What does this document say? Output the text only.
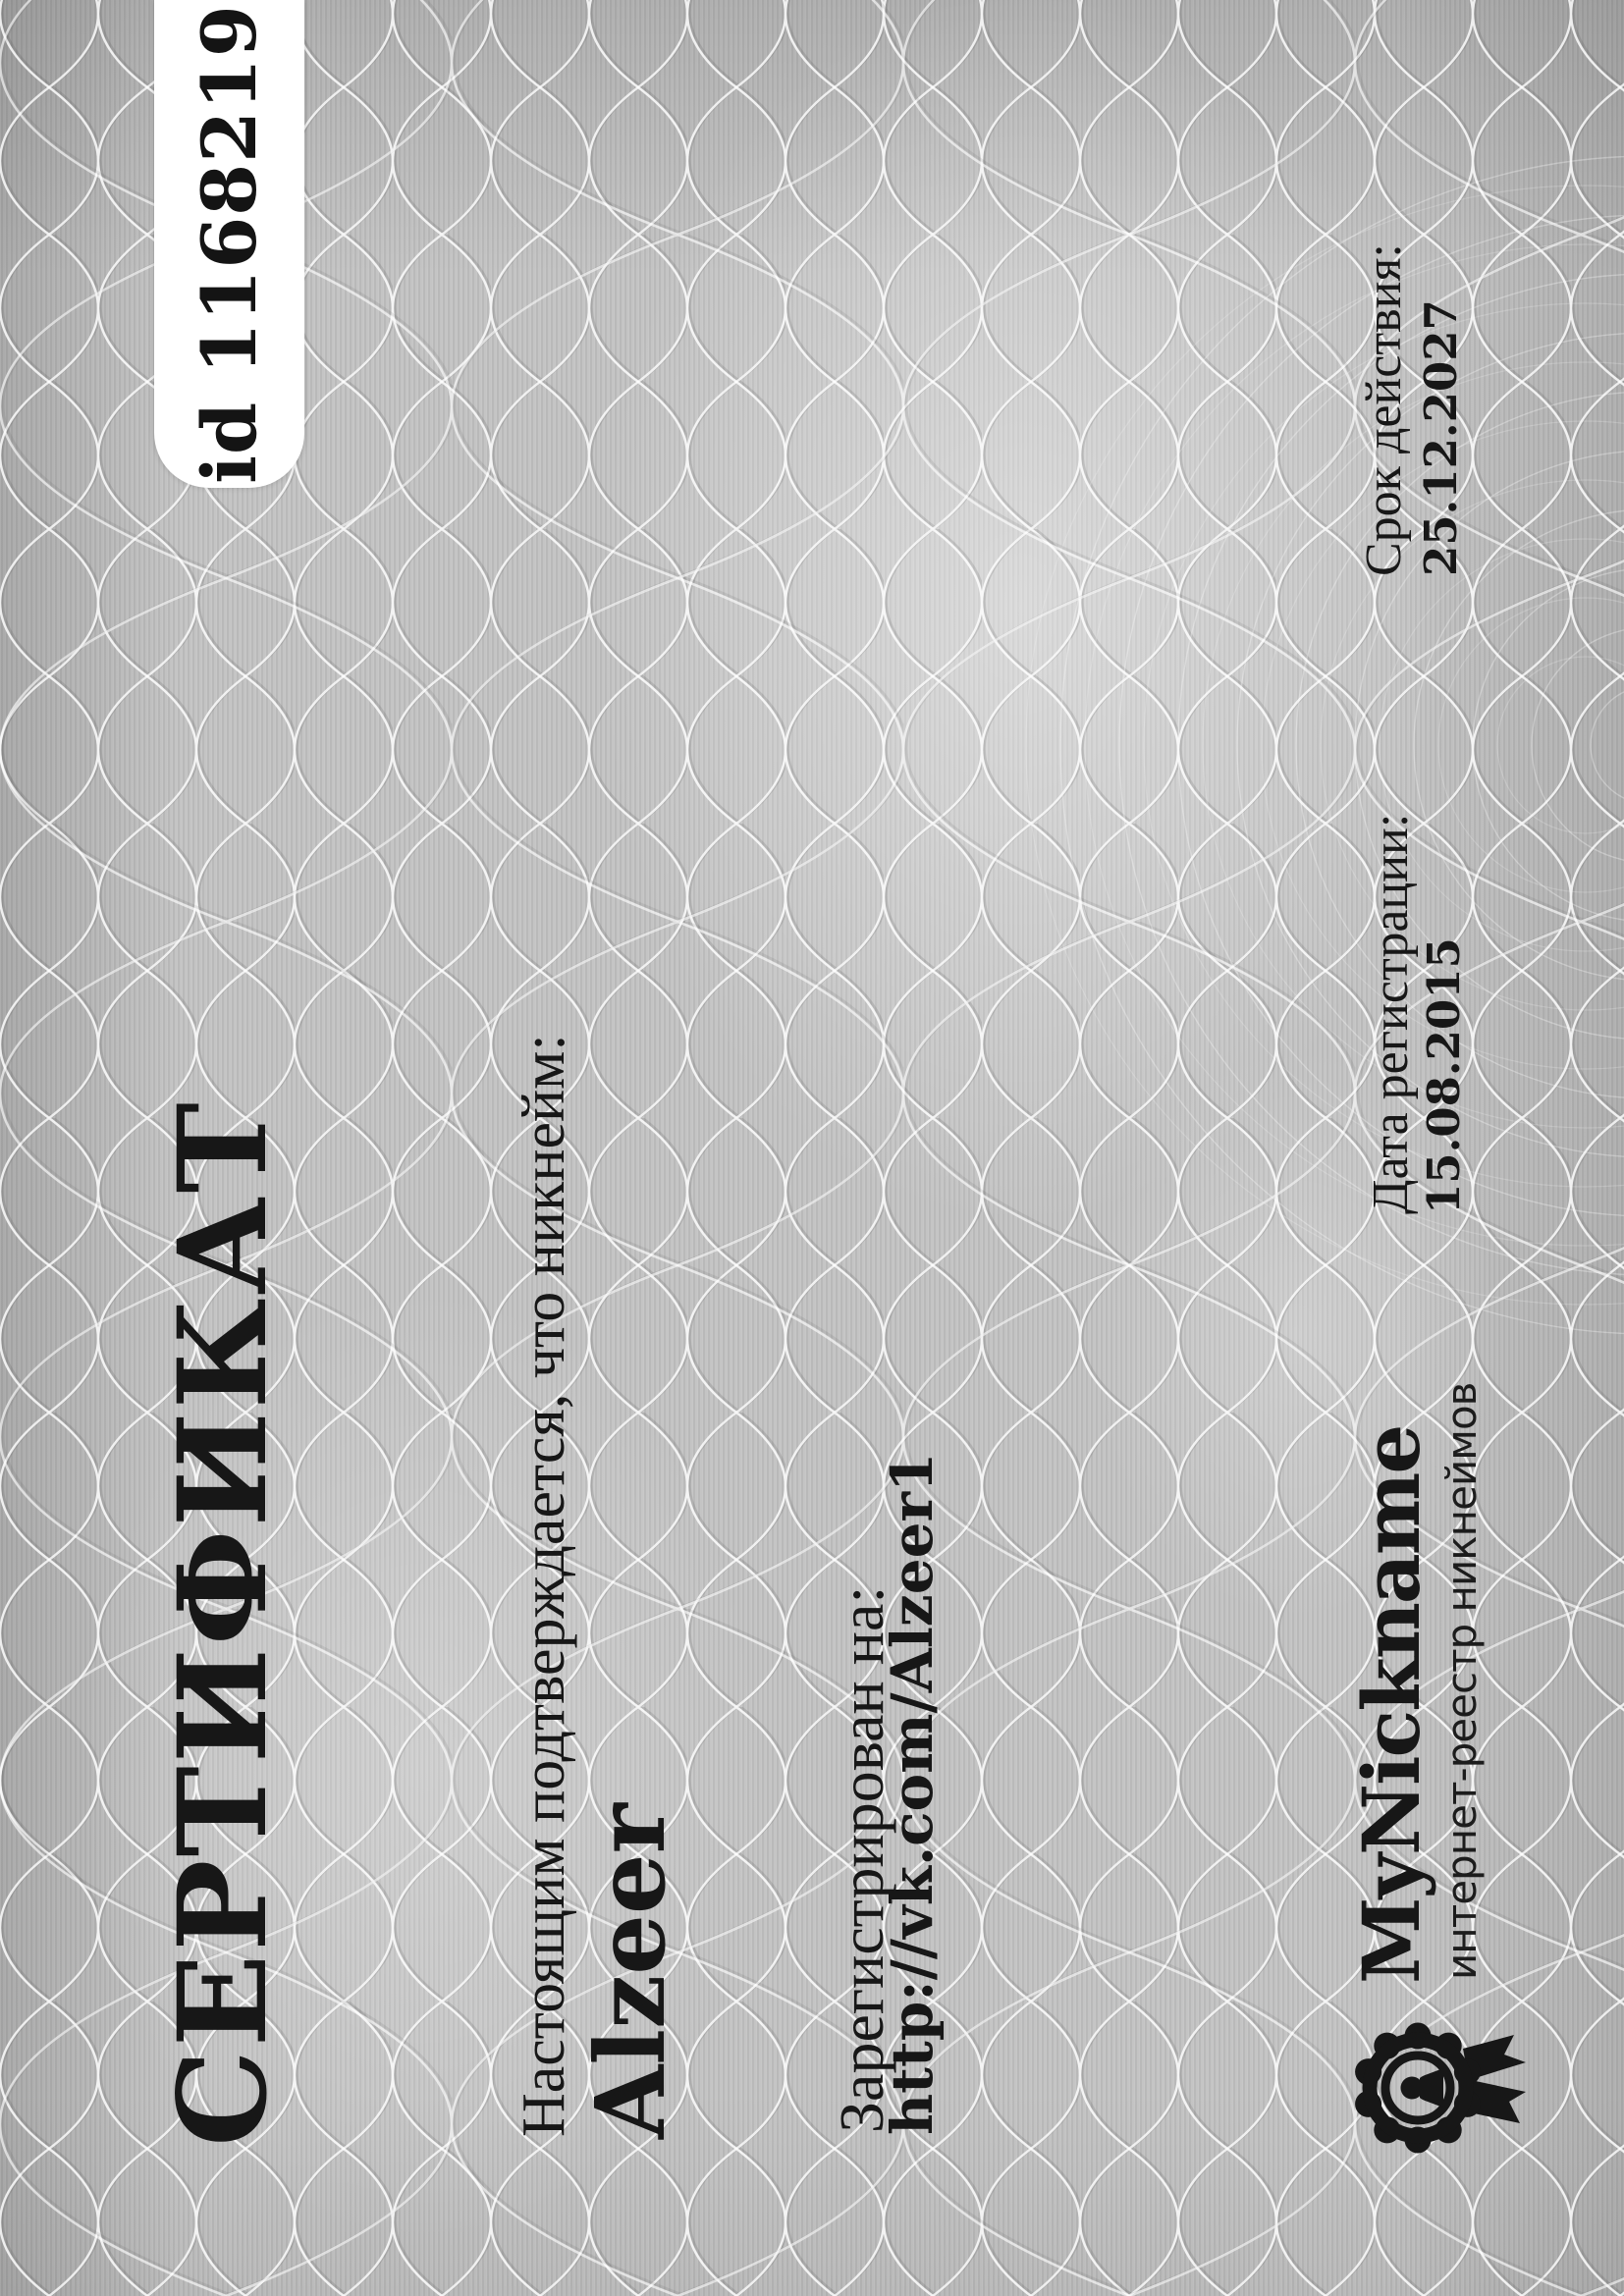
id 1168219
СЕРТИФИКАТ	Настоящим подтверждается, что никнейм:
Alzeer Зарегистрирован на:
http://vk.com/Alzeer1	MyNickname интернет-реестр никнеймов
Дата регистрации: 15.08.2015
Срок действия: 25.12.2027
